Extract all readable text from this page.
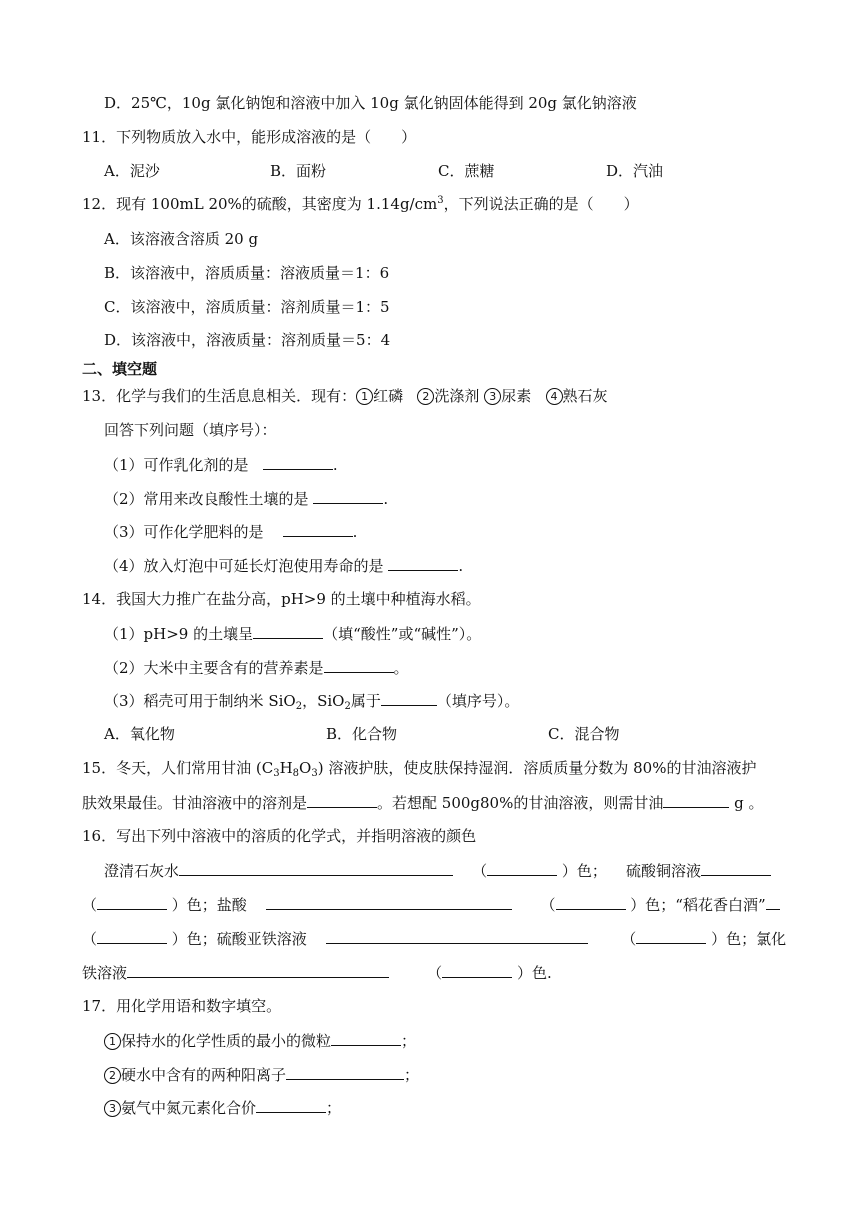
D．25℃，10g 氯化钠饱和溶液中加入 10g 氯化钠固体能得到 20g 氯化钠溶液
11．下列物质放入水中，能形成溶液的是（　　）
A．泥沙	B．面粉	C．蔗糖	D．汽油
12．现有 100mL 20%的硫酸，其密度为 $1.14g/cm^3$，下列说法正确的是（　　）
A．该溶液含溶质 20 g
B．该溶液中，溶质质量：溶液质量＝1：6
C．该溶液中，溶质质量：溶剂质量＝1：5
D．该溶液中，溶液质量：溶剂质量＝5：4
二、填空题
13．化学与我们的生活息息相关．现有： 1 红磷 2 洗涤剂 3 尿素 4 熟石灰
回答下列问题（填序号）：
（1）可作乳化剂的是	.
（2）常用来改良酸性土壤的是	.
（3）可作化学肥料的是	.
（4）放入灯泡中可延长灯泡使用寿命的是	.
14．我国大力推广在盐分高，pH>9 的土壤中种植海水稻。
（1）pH>9 的土壤呈	（填“酸性”或“碱性”）。
（2）大米中主要含有的营养素是	。
（3）稻壳可用于制纳米 SiO$_2$，SiO$_2$属于	（填序号）。
A．氧化物	B．化合物	C．混合物
15．冬天，人们常用甘油 $(C_3H_8O_3)$ 溶液护肤，使皮肤保持湿润．溶质质量分数为 80%的甘油溶液护
肤效果最佳。甘油溶液中的溶剂是	。若想配 500g80%的甘油溶液，则需甘油	g 。
16．写出下列中溶液中的溶质的化学式，并指明溶液的颜色
澄清石灰水	（	）色； 硫酸铜溶液
（	）色；盐酸	（	）色；“稻花香白酒”
（	）色；硫酸亚铁溶液	（	）色；氯化
铁溶液	（	）色.
17．用化学用语和数字填空。
1 保持水的化学性质的最小的微粒	；
2 硬水中含有的两种阳离子	；
3 氨气中氮元素化合价	；
